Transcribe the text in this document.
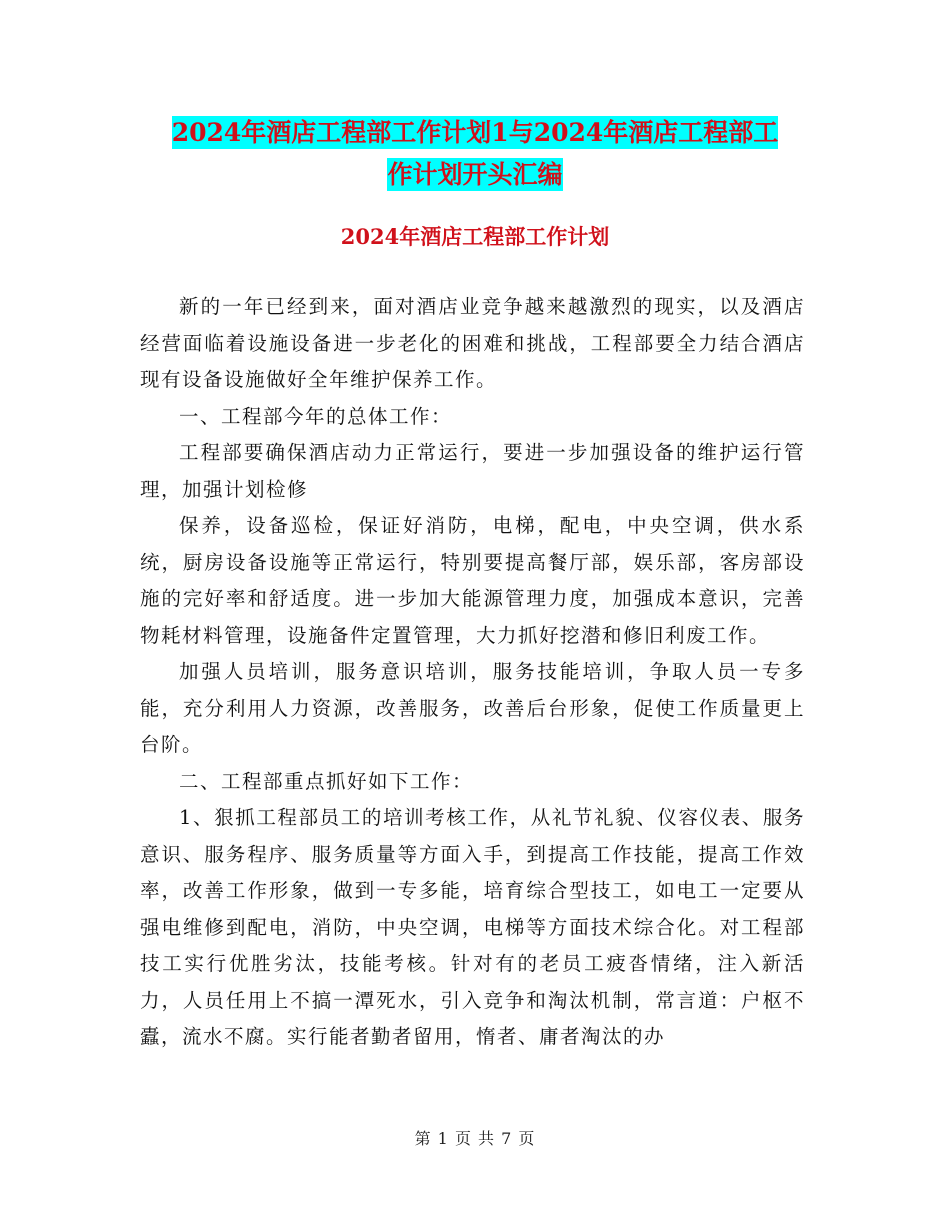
2024年酒店工程部工作计划1与2024年酒店工程部工
作计划开头汇编
2024年酒店工程部工作计划

新的一年已经到来，面对酒店业竞争越来越激烈的现实，以及酒店经营面临着设施设备进一步老化的困难和挑战，工程部要全力结合酒店现有设备设施做好全年维护保养工作。

一、工程部今年的总体工作：

工程部要确保酒店动力正常运行，要进一步加强设备的维护运行管理，加强计划检修

保养，设备巡检，保证好消防，电梯，配电，中央空调，供水系统，厨房设备设施等正常运行，特别要提高餐厅部，娱乐部，客房部设施的完好率和舒适度。进一步加大能源管理力度，加强成本意识，完善物耗材料管理，设施备件定置管理，大力抓好挖潜和修旧利废工作。

加强人员培训，服务意识培训，服务技能培训，争取人员一专多能，充分利用人力资源，改善服务，改善后台形象，促使工作质量更上台阶。

二、工程部重点抓好如下工作：

1、狠抓工程部员工的培训考核工作，从礼节礼貌、仪容仪表、服务意识、服务程序、服务质量等方面入手，到提高工作技能，提高工作效率，改善工作形象，做到一专多能，培育综合型技工，如电工一定要从强电维修到配电，消防，中央空调，电梯等方面技术综合化。对工程部技工实行优胜劣汰，技能考核。针对有的老员工疲沓情绪，注入新活力，人员任用上不搞一潭死水，引入竞争和淘汰机制，常言道：户枢不蠹，流水不腐。实行能者勤者留用，惰者、庸者淘汰的办

第 1 页 共 7 页
